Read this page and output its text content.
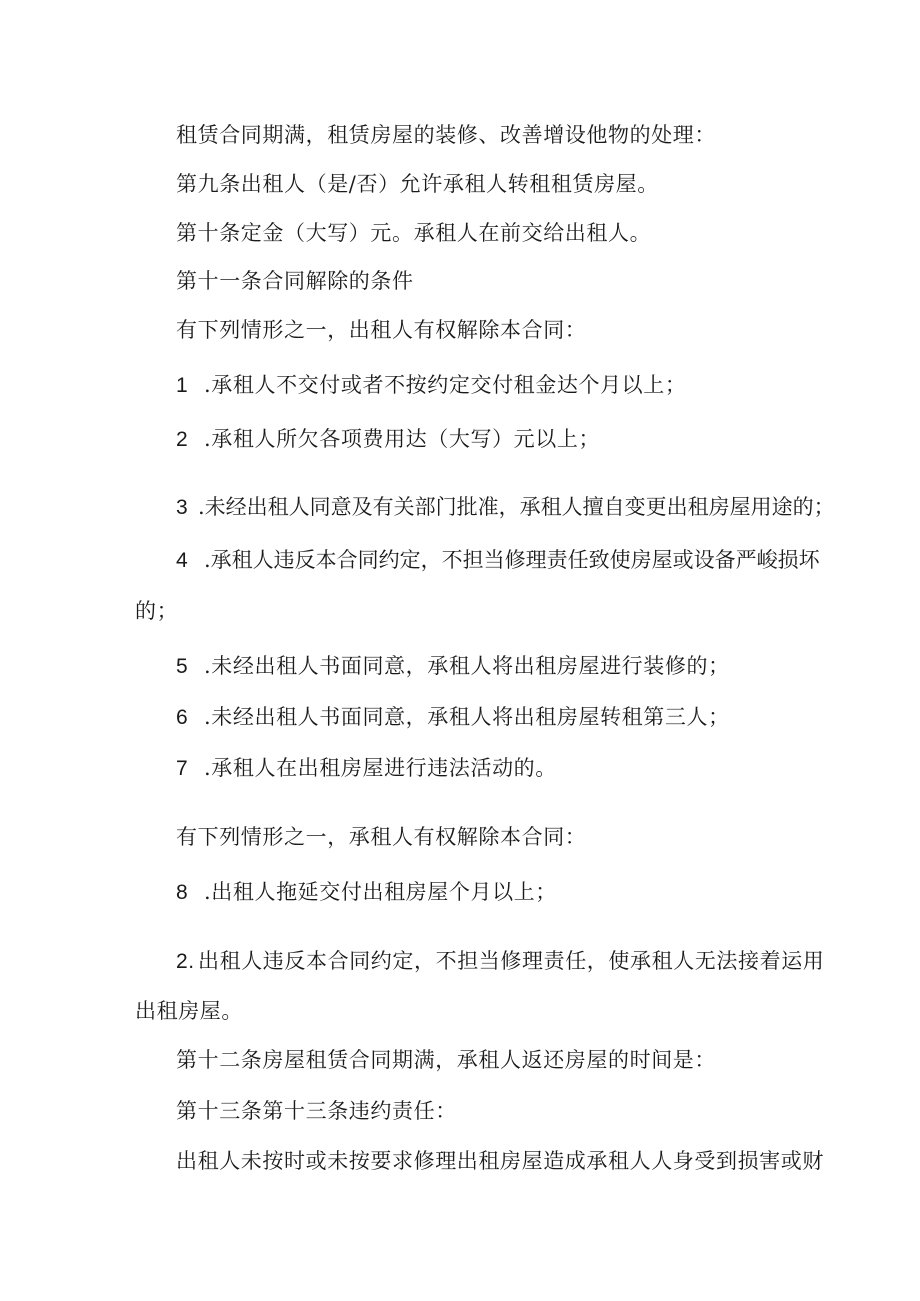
租赁合同期满，租赁房屋的装修、改善增设他物的处理：
第九条出租人（是/否）允许承租人转租租赁房屋。
第十条定金（大写）元。承租人在前交给出租人。
第十一条合同解除的条件
有下列情形之一，出租人有权解除本合同：
1 .承租人不交付或者不按约定交付租金达个月以上；
2 .承租人所欠各项费用达（大写）元以上；
3 .未经出租人同意及有关部门批准，承租人擅自变更出租房屋用途的；
4 .承租人违反本合同约定，不担当修理责任致使房屋或设备严峻损坏
的；
5 .未经出租人书面同意，承租人将出租房屋进行装修的；
6 .未经出租人书面同意，承租人将出租房屋转租第三人；
7 .承租人在出租房屋进行违法活动的。
有下列情形之一，承租人有权解除本合同：
8 .出租人拖延交付出租房屋个月以上；
2. 出租人违反本合同约定，不担当修理责任，使承租人无法接着运用
出租房屋。
第十二条房屋租赁合同期满，承租人返还房屋的时间是：
第十三条第十三条违约责任：
出租人未按时或未按要求修理出租房屋造成承租人人身受到损害或财
